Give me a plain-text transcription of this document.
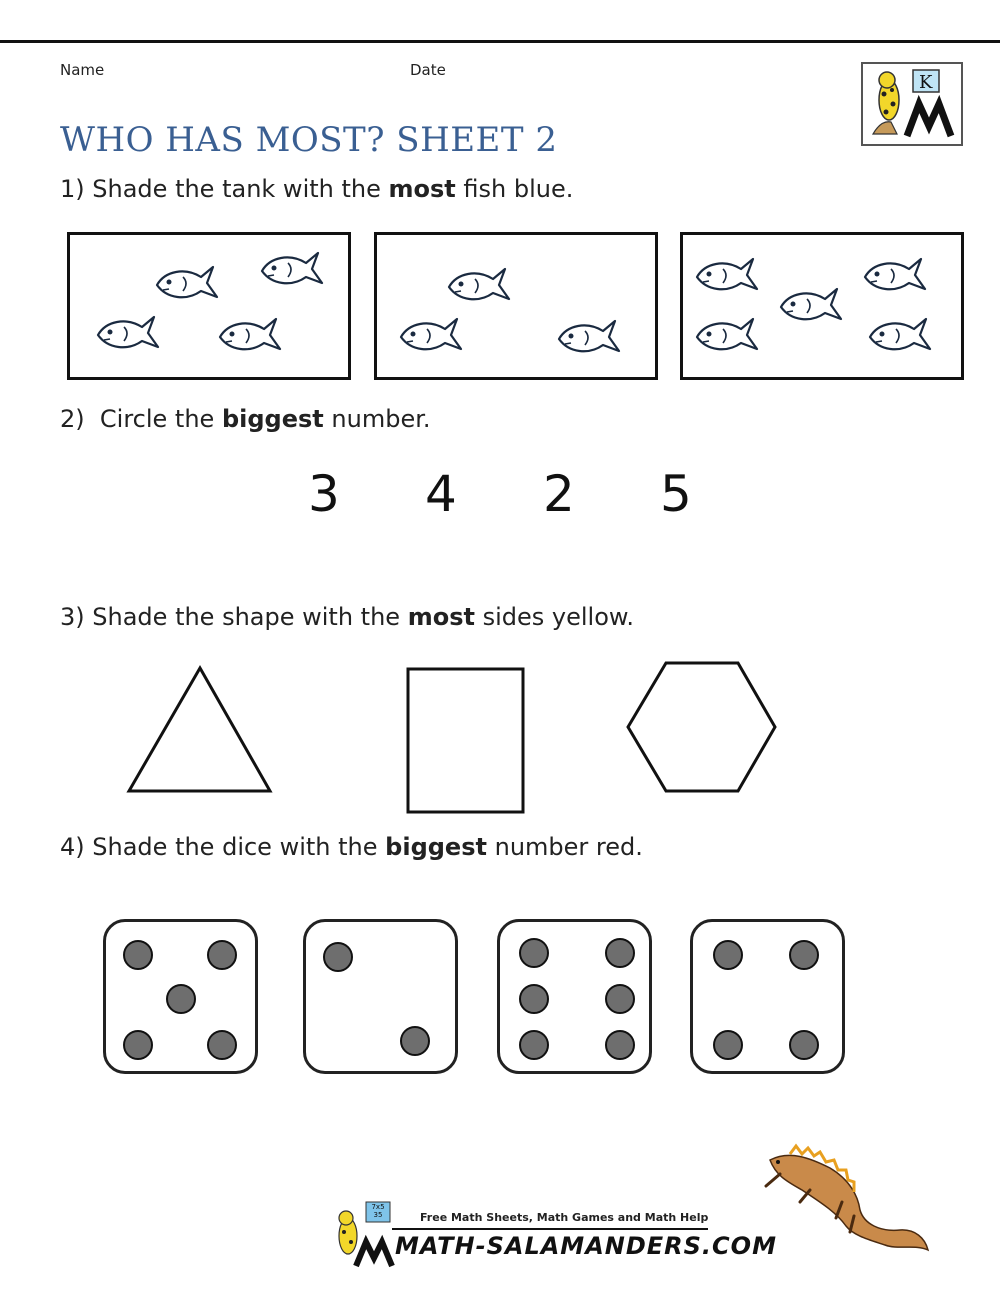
Name	Date
K
WHO HAS MOST? SHEET 2
1) Shade the tank with the most fish blue.
2) Circle the biggest number.
3 4 2 5
3) Shade the shape with the most sides yellow.
4) Shade the dice with the biggest number red.
7x5 35	Free Math Sheets, Math Games and Math Help
MATH-SALAMANDERS.COM
